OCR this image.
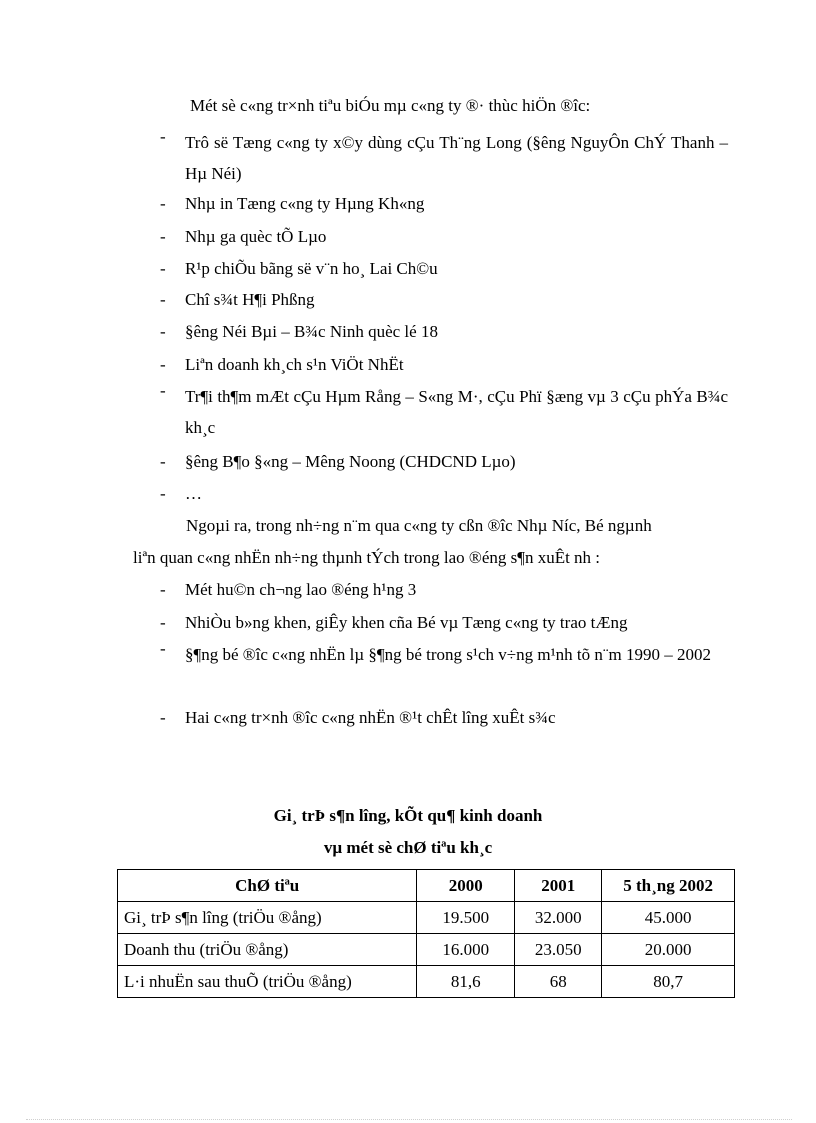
Mét sè c«ng tr×nh tiªu biÓu mµ c«ng ty ®· thùc hiÖn ®îc:
-	Trô së Tæng c«ng ty x©y dùng cÇu Th¨ng Long (§êng NguyÔn ChÝ Thanh – Hµ Néi)
-	Nhµ in Tæng c«ng ty Hµng Kh«ng
-	Nhµ ga quèc tÕ Lµo
-	R¹p chiÕu bãng së v¨n ho¸ Lai Ch©u
-	Chî s¾t H¶i Phßng
-	§êng Néi Bµi – B¾c Ninh quèc lé 18
-	Liªn doanh kh¸ch s¹n ViÖt NhËt
-	Tr¶i th¶m mÆt cÇu Hµm Rång – S«ng M·, cÇu Phï §æng vµ 3 cÇu phÝa B¾c kh¸c
-	§êng B¶o §«ng – Mêng Noong (CHDCND Lµo)
-	…
Ngoµi ra, trong nh÷ng n¨m qua c«ng ty cßn ®îc Nhµ Níc, Bé ngµnh
liªn quan c«ng nhËn nh÷ng thµnh tÝch trong lao ®éng s¶n xuÊt nh :
-	Mét hu©n ch¬ng lao ®éng h¹ng 3
-	NhiÒu b»ng khen, giÊy khen cña Bé vµ Tæng c«ng ty trao tÆng
-	§¶ng bé ®îc c«ng nhËn lµ §¶ng bé trong s¹ch v÷ng m¹nh tõ n¨m 1990 – 2002
-	Hai c«ng tr×nh ®îc c«ng nhËn ®¹t chÊt lîng xuÊt s¾c
Gi¸ trÞ s¶n lîng, kÕt qu¶ kinh doanh
vµ mét sè chØ tiªu kh¸c
ChØ tiªu	2000	2001	5 th¸ng 2002
Gi¸ trÞ s¶n lîng (triÖu ®ång)	19.500	32.000	45.000
Doanh thu (triÖu ®ång)	16.000	23.050	20.000
L·i nhuËn sau thuÕ (triÖu ®ång)	81,6	68	80,7
